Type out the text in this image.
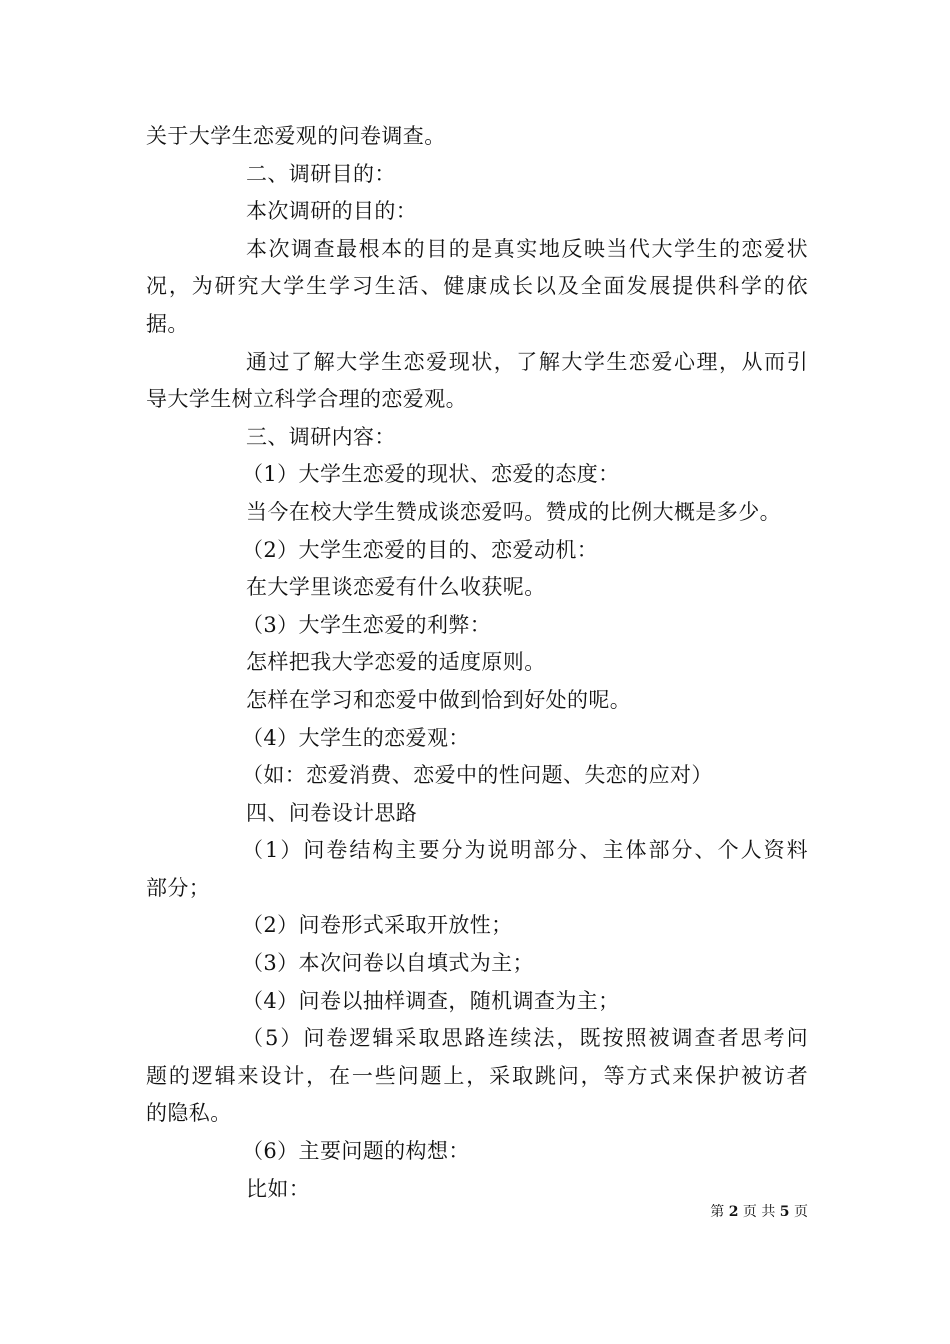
关于大学生恋爱观的问卷调查。
二、调研目的：
本次调研的目的：
本次调查最根本的目的是真实地反映当代大学生的恋爱状
况，为研究大学生学习生活、健康成长以及全面发展提供科学的依
据。
通过了解大学生恋爱现状，了解大学生恋爱心理，从而引
导大学生树立科学合理的恋爱观。
三、调研内容：
（1）大学生恋爱的现状、恋爱的态度：
当今在校大学生赞成谈恋爱吗。赞成的比例大概是多少。
（2）大学生恋爱的目的、恋爱动机：
在大学里谈恋爱有什么收获呢。
（3）大学生恋爱的利弊：
怎样把我大学恋爱的适度原则。
怎样在学习和恋爱中做到恰到好处的呢。
（4）大学生的恋爱观：
（如：恋爱消费、恋爱中的性问题、失恋的应对）
四、问卷设计思路
（1）问卷结构主要分为说明部分、主体部分、个人资料
部分；
（2）问卷形式采取开放性；
（3）本次问卷以自填式为主；
（4）问卷以抽样调查，随机调查为主；
（5）问卷逻辑采取思路连续法，既按照被调查者思考问
题的逻辑来设计，在一些问题上，采取跳问，等方式来保护被访者
的隐私。
（6）主要问题的构想：
比如：
第 2 页 共 5 页
